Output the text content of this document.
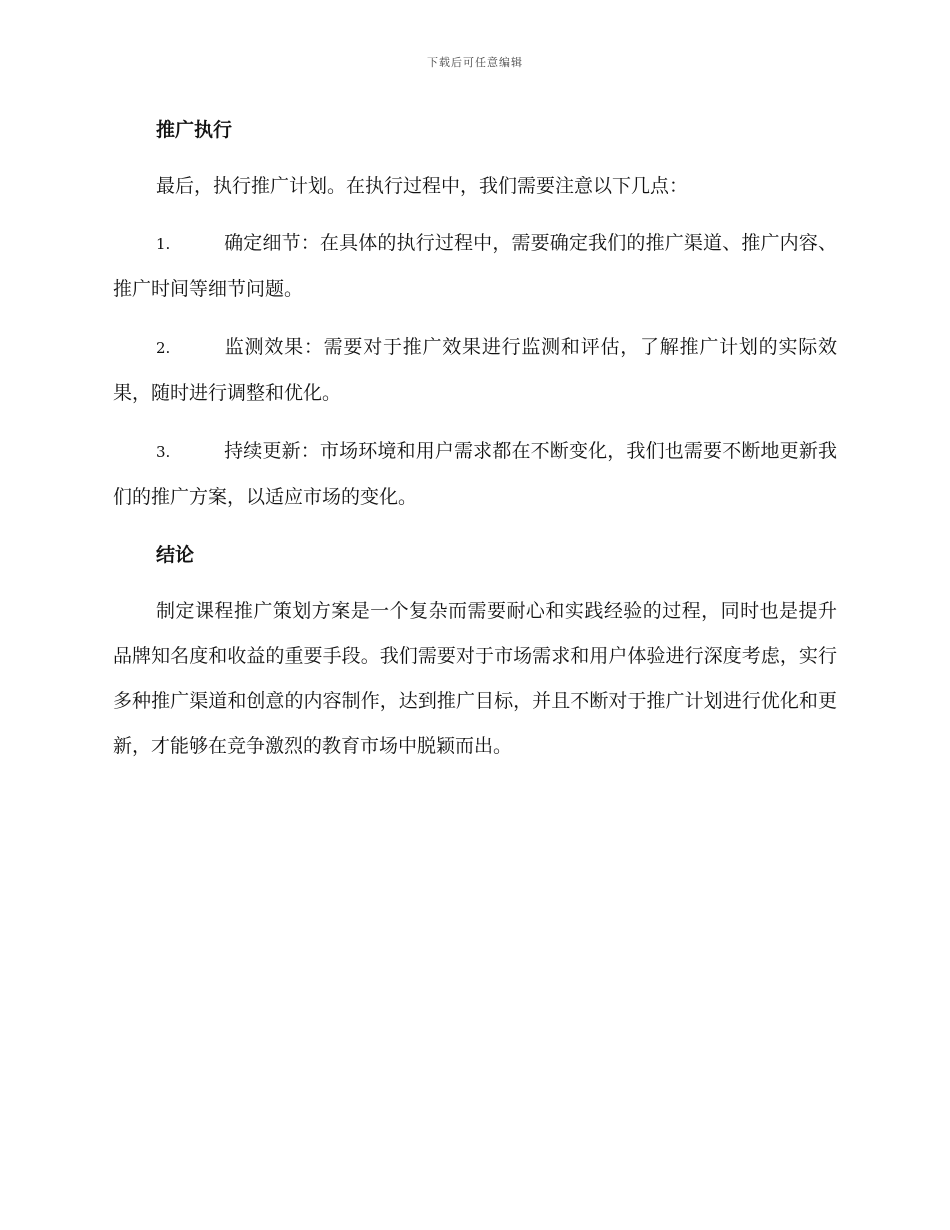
下载后可任意编辑
推广执行

最后，执行推广计划。在执行过程中，我们需要注意以下几点：

1.	确定细节：在具体的执行过程中，需要确定我们的推广渠道、推广内容、推广时间等细节问题。

2.	监测效果：需要对于推广效果进行监测和评估，了解推广计划的实际效果，随时进行调整和优化。

3.	持续更新：市场环境和用户需求都在不断变化，我们也需要不断地更新我们的推广方案，以适应市场的变化。

结论

制定课程推广策划方案是一个复杂而需要耐心和实践经验的过程，同时也是提升品牌知名度和收益的重要手段。我们需要对于市场需求和用户体验进行深度考虑，实行多种推广渠道和创意的内容制作，达到推广目标，并且不断对于推广计划进行优化和更新，才能够在竞争激烈的教育市场中脱颖而出。
